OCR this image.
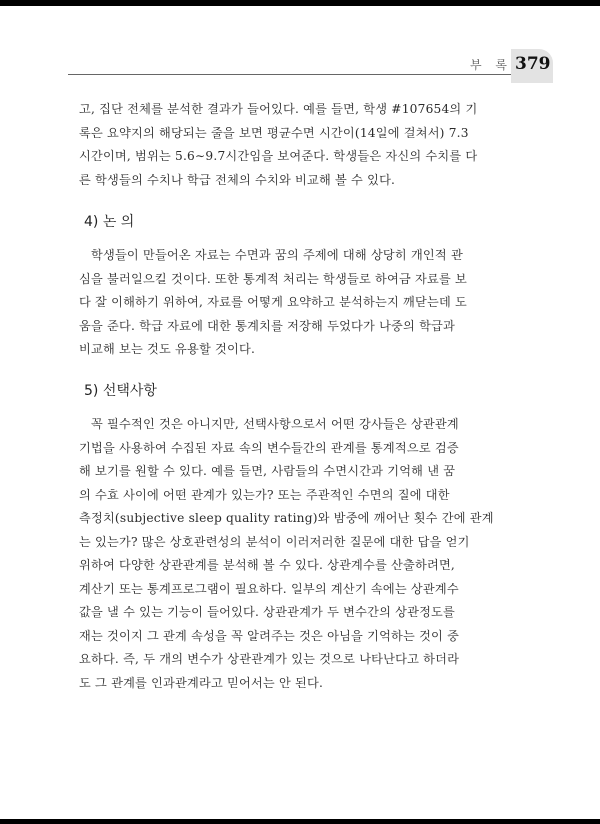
부 록 379
고, 집단 전체를 분석한 결과가 들어있다. 예를 들면, 학생 #107654의 기
록은 요약지의 해당되는 줄을 보면 평균수면 시간이(14일에 걸쳐서) 7.3
시간이며, 범위는 5.6∼9.7시간임을 보여준다. 학생들은 자신의 수치를 다
른 학생들의 수치나 학급 전체의 수치와 비교해 볼 수 있다.
4) 논 의
학생들이 만들어온 자료는 수면과 꿈의 주제에 대해 상당히 개인적 관
심을 불러일으킬 것이다. 또한 통계적 처리는 학생들로 하여금 자료를 보
다 잘 이해하기 위하여, 자료를 어떻게 요약하고 분석하는지 깨닫는데 도
움을 준다. 학급 자료에 대한 통계치를 저장해 두었다가 나중의 학급과
비교해 보는 것도 유용할 것이다.
5) 선택사항
꼭 필수적인 것은 아니지만, 선택사항으로서 어떤 강사들은 상관관계
기법을 사용하여 수집된 자료 속의 변수들간의 관계를 통계적으로 검증
해 보기를 원할 수 있다. 예를 들면, 사람들의 수면시간과 기억해 낸 꿈
의 수효 사이에 어떤 관계가 있는가? 또는 주관적인 수면의 질에 대한
측정치(subjective sleep quality rating)와 밤중에 깨어난 횟수 간에 관계
는 있는가? 많은 상호관련성의 분석이 이러저러한 질문에 대한 답을 얻기
위하여 다양한 상관관계를 분석해 볼 수 있다. 상관계수를 산출하려면,
계산기 또는 통계프로그램이 필요하다. 일부의 계산기 속에는 상관계수
값을 낼 수 있는 기능이 들어있다. 상관관계가 두 변수간의 상관정도를
재는 것이지 그 관계 속성을 꼭 알려주는 것은 아님을 기억하는 것이 중
요하다. 즉, 두 개의 변수가 상관관계가 있는 것으로 나타난다고 하더라
도 그 관계를 인과관계라고 믿어서는 안 된다.
